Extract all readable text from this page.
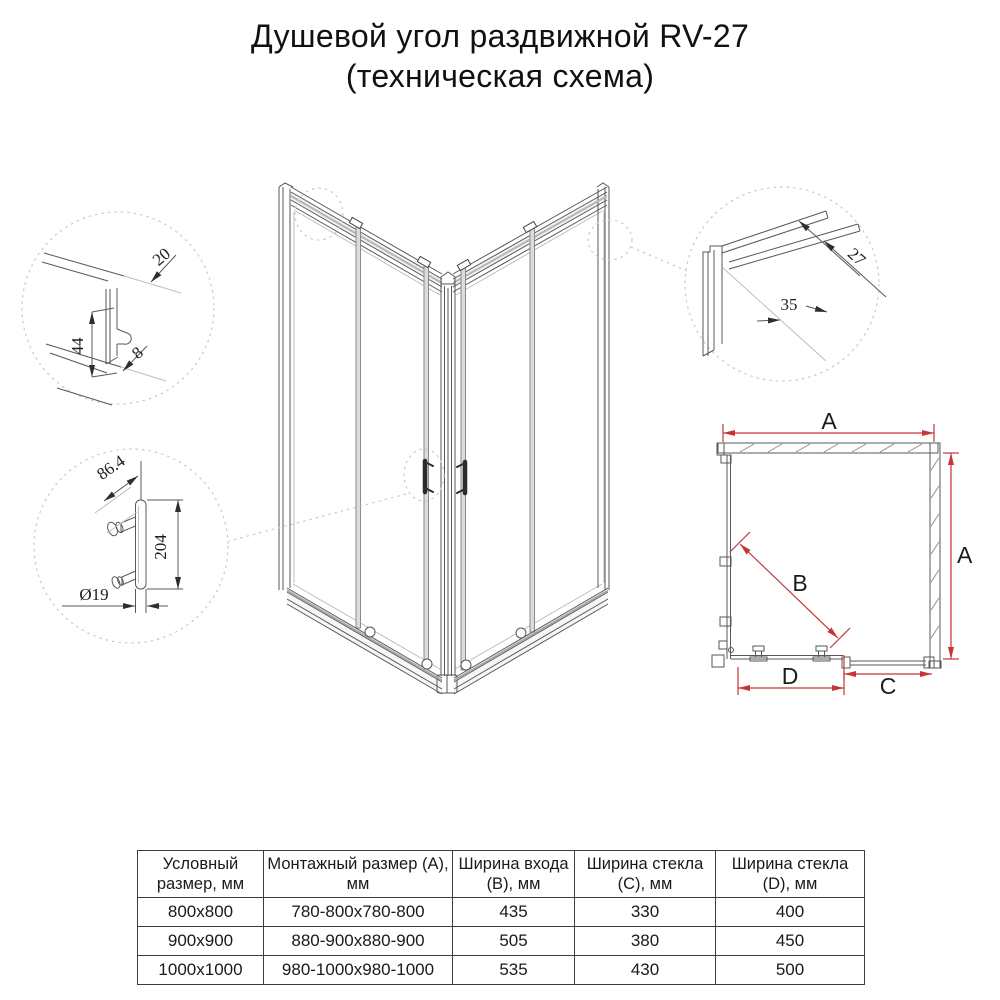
Душевой угол раздвижной RV-27
(техническая схема)
20
44 8
86.4
204
Ø19
27
35
A
A
B
D	C
Условный размер, мм	Монтажный размер (A), мм	Ширина входа (B), мм	Ширина стекла (C), мм	Ширина стекла (D), мм
800x800	780-800x780-800	435	330	400
900x900	880-900x880-900	505	380	450
1000x1000	980-1000x980-1000	535	430	500
